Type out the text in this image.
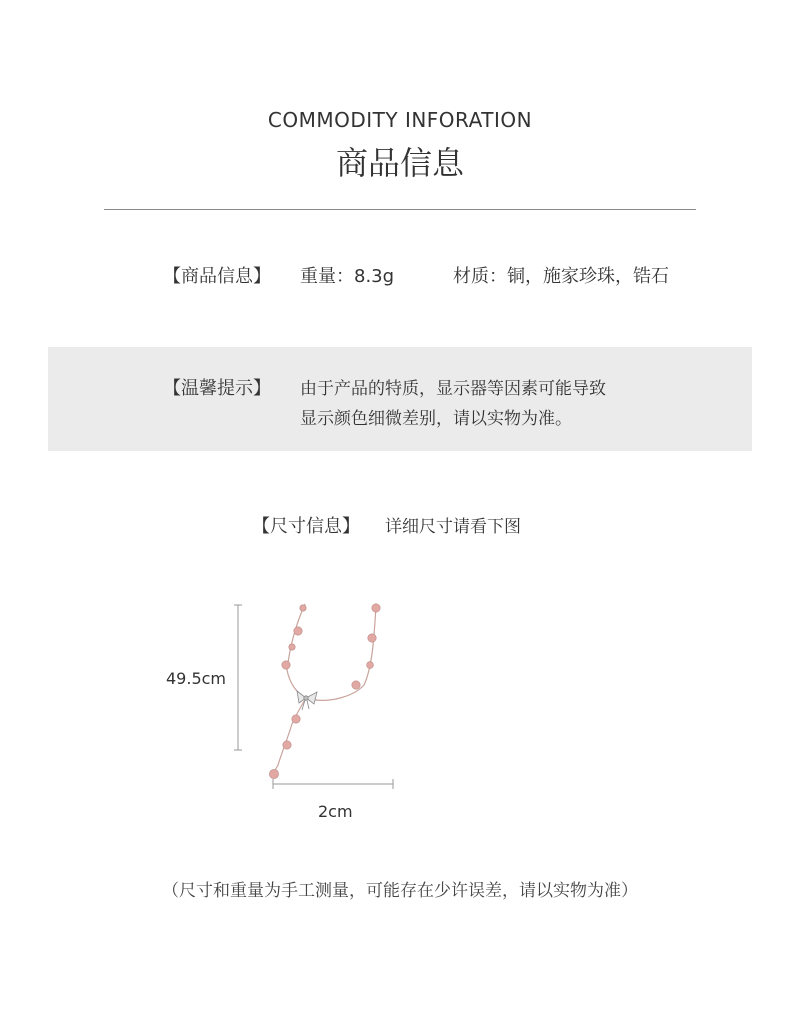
COMMODITY INFORATION
商品信息
【商品信息】 重量：8.3g	材质：铜，施家珍珠，锆石
【温馨提示】 由于产品的特质，显示器等因素可能导致
显示颜色细微差别，请以实物为准。
【尺寸信息】 详细尺寸请看下图
49.5cm
2cm
（尺寸和重量为手工测量，可能存在少许误差，请以实物为准）
